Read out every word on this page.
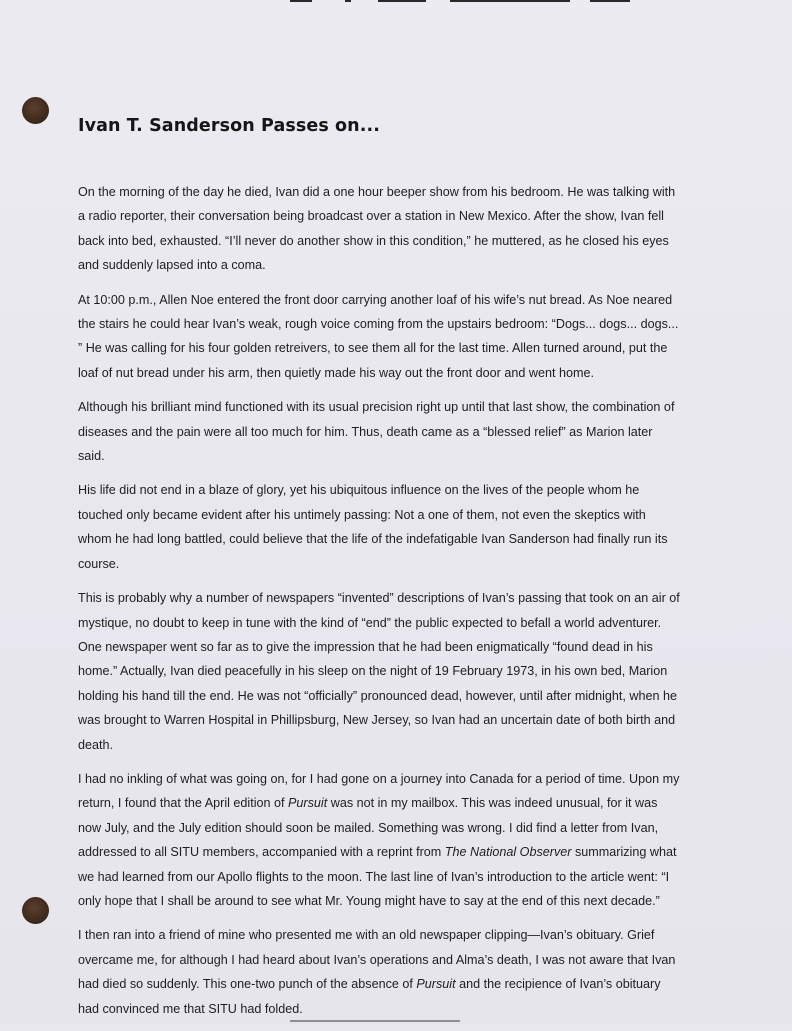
Ivan T. Sanderson Passes on...

On the morning of the day he died, Ivan did a one hour beeper show from his bedroom. He was talking with a radio reporter, their conversation being broadcast over a station in New Mexico. After the show, Ivan fell back into bed, exhausted. “I’ll never do another show in this condition,” he muttered, as he closed his eyes and suddenly lapsed into a coma.

At 10:00 p.m., Allen Noe entered the front door carrying another loaf of his wife’s nut bread. As Noe neared the stairs he could hear Ivan’s weak, rough voice coming from the upstairs bedroom: “Dogs... dogs... dogs... ” He was calling for his four golden retreivers, to see them all for the last time. Allen turned around, put the loaf of nut bread under his arm, then quietly made his way out the front door and went home.

Although his brilliant mind functioned with its usual precision right up until that last show, the combination of diseases and the pain were all too much for him. Thus, death came as a “blessed relief” as Marion later said.

His life did not end in a blaze of glory, yet his ubiquitous influence on the lives of the people whom he touched only became evident after his untimely passing: Not a one of them, not even the skeptics with whom he had long battled, could believe that the life of the indefatigable Ivan Sanderson had finally run its course.

This is probably why a number of newspapers “invented” descriptions of Ivan’s passing that took on an air of mystique, no doubt to keep in tune with the kind of “end” the public expected to befall a world adventurer. One newspaper went so far as to give the impression that he had been enigmatically “found dead in his home.” Actually, Ivan died peacefully in his sleep on the night of 19 February 1973, in his own bed, Marion holding his hand till the end. He was not “officially” pronounced dead, however, until after midnight, when he was brought to Warren Hospital in Phillipsburg, New Jersey, so Ivan had an uncertain date of both birth and death.

I had no inkling of what was going on, for I had gone on a journey into Canada for a period of time. Upon my return, I found that the April edition of Pursuit was not in my mailbox. This was indeed unusual, for it was now July, and the July edition should soon be mailed. Something was wrong. I did find a letter from Ivan, addressed to all SITU members, accompanied with a reprint from The National Observer summarizing what we had learned from our Apollo flights to the moon. The last line of Ivan’s introduction to the article went: “I only hope that I shall be around to see what Mr. Young might have to say at the end of this next decade.”

I then ran into a friend of mine who presented me with an old newspaper clipping—Ivan’s obituary. Grief overcame me, for although I had heard about Ivan’s operations and Alma’s death, I was not aware that Ivan had died so suddenly. This one-two punch of the absence of Pursuit and the recipience of Ivan’s obituary had convinced me that SITU had folded.
